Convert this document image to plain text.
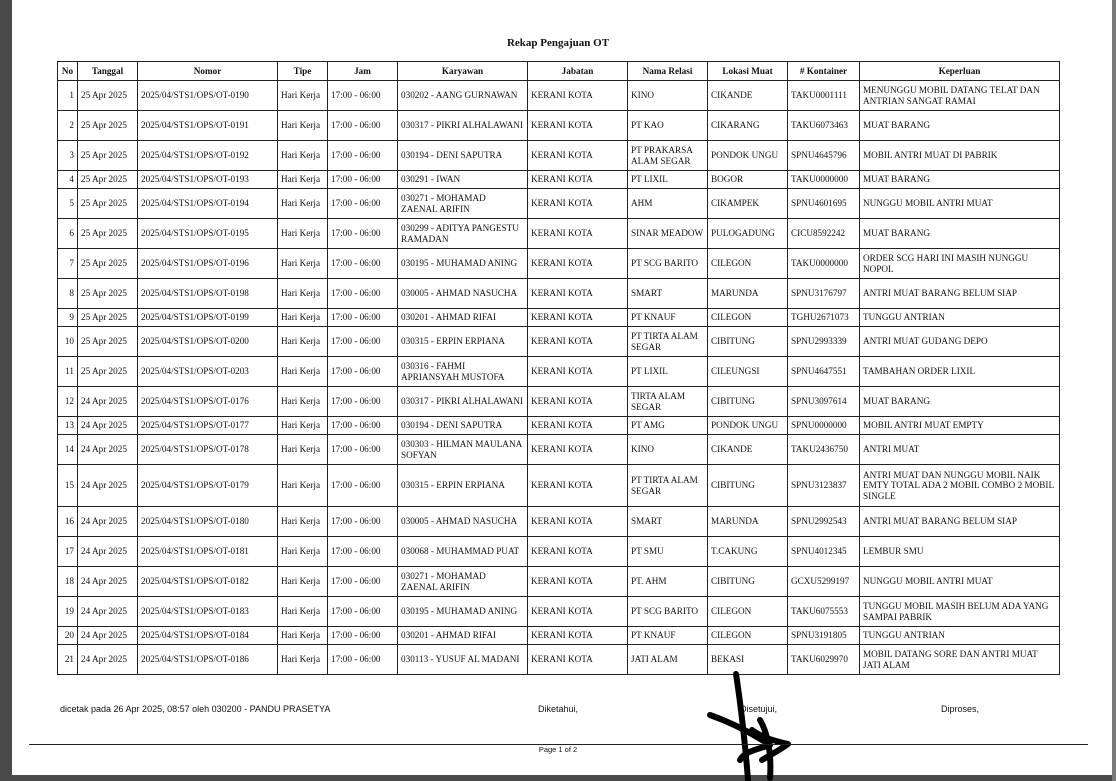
Rekap Pengajuan OT
No	Tanggal	Nomor	Tipe	Jam	Karyawan	Jabatan	Nama Relasi	Lokasi Muat	# Kontainer	Keperluan
1	25 Apr 2025	2025/04/STS1/OPS/OT-0190	Hari Kerja	17:00 - 06:00	030202 - AANG GURNAWAN	KERANI KOTA	KINO	CIKANDE	TAKU0001111	MENUNGGU MOBIL DATANG TELAT DAN ANTRIAN SANGAT RAMAI
2	25 Apr 2025	2025/04/STS1/OPS/OT-0191	Hari Kerja	17:00 - 06:00	030317 - PIKRI ALHALAWANI	KERANI KOTA	PT KAO	CIKARANG	TAKU6073463	MUAT BARANG
3	25 Apr 2025	2025/04/STS1/OPS/OT-0192	Hari Kerja	17:00 - 06:00	030194 - DENI SAPUTRA	KERANI KOTA	PT PRAKARSA ALAM SEGAR	PONDOK UNGU	SPNU4645796	MOBIL ANTRI MUAT DI PABRIK
4	25 Apr 2025	2025/04/STS1/OPS/OT-0193	Hari Kerja	17:00 - 06:00	030291 - IWAN	KERANI KOTA	PT LIXIL	BOGOR	TAKU0000000	MUAT BARANG
5	25 Apr 2025	2025/04/STS1/OPS/OT-0194	Hari Kerja	17:00 - 06:00	030271 - MOHAMAD ZAENAL ARIFIN	KERANI KOTA	AHM	CIKAMPEK	SPNU4601695	NUNGGU MOBIL ANTRI MUAT
6	25 Apr 2025	2025/04/STS1/OPS/OT-0195	Hari Kerja	17:00 - 06:00	030299 - ADITYA PANGESTU RAMADAN	KERANI KOTA	SINAR MEADOW	PULOGADUNG	CICU8592242	MUAT BARANG
7	25 Apr 2025	2025/04/STS1/OPS/OT-0196	Hari Kerja	17:00 - 06:00	030195 - MUHAMAD ANING	KERANI KOTA	PT SCG BARITO	CILEGON	TAKU0000000	ORDER SCG HARI INI MASIH NUNGGU NOPOL
8	25 Apr 2025	2025/04/STS1/OPS/OT-0198	Hari Kerja	17:00 - 06:00	030005 - AHMAD NASUCHA	KERANI KOTA	SMART	MARUNDA	SPNU3176797	ANTRI MUAT BARANG BELUM SIAP
9	25 Apr 2025	2025/04/STS1/OPS/OT-0199	Hari Kerja	17:00 - 06:00	030201 - AHMAD RIFAI	KERANI KOTA	PT KNAUF	CILEGON	TGHU2671073	TUNGGU ANTRIAN
10	25 Apr 2025	2025/04/STS1/OPS/OT-0200	Hari Kerja	17:00 - 06:00	030315 - ERPIN ERPIANA	KERANI KOTA	PT TIRTA ALAM SEGAR	CIBITUNG	SPNU2993339	ANTRI MUAT GUDANG DEPO
11	25 Apr 2025	2025/04/STS1/OPS/OT-0203	Hari Kerja	17:00 - 06:00	030316 - FAHMI APRIANSYAH MUSTOFA	KERANI KOTA	PT LIXIL	CILEUNGSI	SPNU4647551	TAMBAHAN ORDER LIXIL
12	24 Apr 2025	2025/04/STS1/OPS/OT-0176	Hari Kerja	17:00 - 06:00	030317 - PIKRI ALHALAWANI	KERANI KOTA	TIRTA ALAM SEGAR	CIBITUNG	SPNU3097614	MUAT BARANG
13	24 Apr 2025	2025/04/STS1/OPS/OT-0177	Hari Kerja	17:00 - 06:00	030194 - DENI SAPUTRA	KERANI KOTA	PT AMG	PONDOK UNGU	SPNU0000000	MOBIL ANTRI MUAT EMPTY
14	24 Apr 2025	2025/04/STS1/OPS/OT-0178	Hari Kerja	17:00 - 06:00	030303 - HILMAN MAULANA SOFYAN	KERANI KOTA	KINO	CIKANDE	TAKU2436750	ANTRI MUAT
15	24 Apr 2025	2025/04/STS1/OPS/OT-0179	Hari Kerja	17:00 - 06:00	030315 - ERPIN ERPIANA	KERANI KOTA	PT TIRTA ALAM SEGAR	CIBITUNG	SPNU3123837	ANTRI MUAT DAN NUNGGU MOBIL NAIK EMTY TOTAL ADA 2 MOBIL COMBO 2 MOBIL SINGLE
16	24 Apr 2025	2025/04/STS1/OPS/OT-0180	Hari Kerja	17:00 - 06:00	030005 - AHMAD NASUCHA	KERANI KOTA	SMART	MARUNDA	SPNU2992543	ANTRI MUAT BARANG BELUM SIAP
17	24 Apr 2025	2025/04/STS1/OPS/OT-0181	Hari Kerja	17:00 - 06:00	030068 - MUHAMMAD PUAT	KERANI KOTA	PT SMU	T.CAKUNG	SPNU4012345	LEMBUR SMU
18	24 Apr 2025	2025/04/STS1/OPS/OT-0182	Hari Kerja	17:00 - 06:00	030271 - MOHAMAD ZAENAL ARIFIN	KERANI KOTA	PT. AHM	CIBITUNG	GCXU5299197	NUNGGU MOBIL ANTRI MUAT
19	24 Apr 2025	2025/04/STS1/OPS/OT-0183	Hari Kerja	17:00 - 06:00	030195 - MUHAMAD ANING	KERANI KOTA	PT SCG BARITO	CILEGON	TAKU6075553	TUNGGU MOBIL MASIH BELUM ADA YANG SAMPAI PABRIK
20	24 Apr 2025	2025/04/STS1/OPS/OT-0184	Hari Kerja	17:00 - 06:00	030201 - AHMAD RIFAI	KERANI KOTA	PT KNAUF	CILEGON	SPNU3191805	TUNGGU ANTRIAN
21	24 Apr 2025	2025/04/STS1/OPS/OT-0186	Hari Kerja	17:00 - 06:00	030113 - YUSUF AL MADANI	KERANI KOTA	JATI ALAM	BEKASI	TAKU6029970	MOBIL DATANG SORE DAN ANTRI MUAT JATI ALAM
dicetak pada 26 Apr 2025, 08:57 oleh 030200 - PANDU PRASETYA	Diketahui,	Disetujui,	Diproses,
Page 1 of 2
